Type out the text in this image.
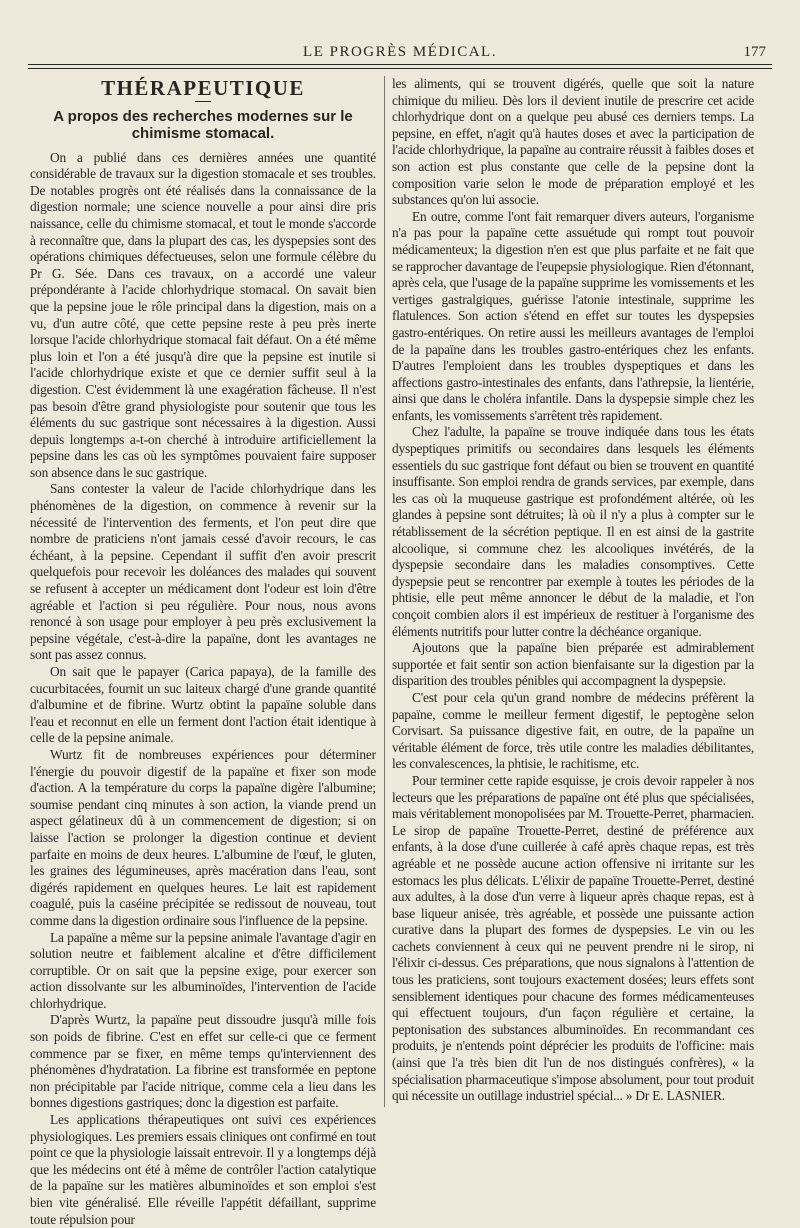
LE PROGRÈS MÉDICAL.	177
THÉRAPEUTIQUE
A propos des recherches modernes sur le chimisme stomacal.

On a publié dans ces dernières années une quantité considérable de travaux sur la digestion stomacale et ses troubles. De notables progrès ont été réalisés dans la connaissance de la digestion normale; une science nouvelle a pour ainsi dire pris naissance, celle du chimisme stomacal, et tout le monde s'accorde à reconnaître que, dans la plupart des cas, les dyspepsies sont des opérations chimiques défectueuses, selon une formule célèbre du Pr G. Sée. Dans ces travaux, on a accordé une valeur prépondérante à l'acide chlorhydrique stomacal. On savait bien que la pepsine joue le rôle principal dans la digestion, mais on a vu, d'un autre côté, que cette pepsine reste à peu près inerte lorsque l'acide chlorhydrique stomacal fait défaut. On a été même plus loin et l'on a été jusqu'à dire que la pepsine est inutile si l'acide chlorhydrique existe et que ce dernier suffit seul à la digestion. C'est évidemment là une exagération fâcheuse. Il n'est pas besoin d'être grand physiologiste pour soutenir que tous les éléments du suc gastrique sont nécessaires à la digestion. Aussi depuis longtemps a-t-on cherché à introduire artificiellement la pepsine dans les cas où les symptômes pouvaient faire supposer son absence dans le suc gastrique.

Sans contester la valeur de l'acide chlorhydrique dans les phénomènes de la digestion, on commence à revenir sur la nécessité de l'intervention des ferments, et l'on peut dire que nombre de praticiens n'ont jamais cessé d'avoir recours, le cas échéant, à la pepsine. Cependant il suffit d'en avoir prescrit quelquefois pour recevoir les doléances des malades qui souvent se refusent à accepter un médicament dont l'odeur est loin d'être agréable et l'action si peu régulière. Pour nous, nous avons renoncé à son usage pour employer à peu près exclusivement la pepsine végétale, c'est-à-dire la papaïne, dont les avantages ne sont pas assez connus.

On sait que le papayer (Carica papaya), de la famille des cucurbitacées, fournit un suc laiteux chargé d'une grande quantité d'albumine et de fibrine. Wurtz obtint la papaïne soluble dans l'eau et reconnut en elle un ferment dont l'action était identique à celle de la pepsine animale.

Wurtz fit de nombreuses expériences pour déterminer l'énergie du pouvoir digestif de la papaïne et fixer son mode d'action. A la température du corps la papaïne digère l'albumine; soumise pendant cinq minutes à son action, la viande prend un aspect gélatineux dû à un commencement de digestion; si on laisse l'action se prolonger la digestion continue et devient parfaite en moins de deux heures. L'albumine de l'œuf, le gluten, les graines des légumineuses, après macération dans l'eau, sont digérés rapidement en quelques heures. Le lait est rapidement coagulé, puis la caséine précipitée se redissout de nouveau, tout comme dans la digestion ordinaire sous l'influence de la pepsine.

La papaïne a même sur la pepsine animale l'avantage d'agir en solution neutre et faiblement alcaline et d'être difficilement corruptible. Or on sait que la pepsine exige, pour exercer son action dissolvante sur les albuminoïdes, l'intervention de l'acide chlorhydrique.

D'après Wurtz, la papaïne peut dissoudre jusqu'à mille fois son poids de fibrine. C'est en effet sur celle-ci que ce ferment commence par se fixer, en même temps qu'interviennent des phénomènes d'hydratation. La fibrine est transformée en peptone non précipitable par l'acide nitrique, comme cela a lieu dans les bonnes digestions gastriques; donc la digestion est parfaite.

Les applications thérapeutiques ont suivi ces expériences physiologiques. Les premiers essais cliniques ont confirmé en tout point ce que la physiologie laissait entrevoir. Il y a longtemps déjà que les médecins ont été à même de contrôler l'action catalytique de la papaïne sur les matières albuminoïdes et son emploi s'est bien vite généralisé. Elle réveille l'appétit défaillant, supprime toute répulsion pour

les aliments, qui se trouvent digérés, quelle que soit la nature chimique du milieu. Dès lors il devient inutile de prescrire cet acide chlorhydrique dont on a quelque peu abusé ces derniers temps. La pepsine, en effet, n'agit qu'à hautes doses et avec la participation de l'acide chlorhydrique, la papaïne au contraire réussit à faibles doses et son action est plus constante que celle de la pepsine dont la composition varie selon le mode de préparation employé et les substances qu'on lui associe.

En outre, comme l'ont fait remarquer divers auteurs, l'organisme n'a pas pour la papaïne cette assuétude qui rompt tout pouvoir médicamenteux; la digestion n'en est que plus parfaite et ne fait que se rapprocher davantage de l'eupepsie physiologique. Rien d'étonnant, après cela, que l'usage de la papaïne supprime les vomissements et les vertiges gastralgiques, guérisse l'atonie intestinale, supprime les flatulences. Son action s'étend en effet sur toutes les dyspepsies gastro-entériques. On retire aussi les meilleurs avantages de l'emploi de la papaïne dans les troubles gastro-entériques chez les enfants. D'autres l'emploient dans les troubles dyspeptiques et dans les affections gastro-intestinales des enfants, dans l'athrepsie, la lientérie, ainsi que dans le choléra infantile. Dans la dyspepsie simple chez les enfants, les vomissements s'arrêtent très rapidement.

Chez l'adulte, la papaïne se trouve indiquée dans tous les états dyspeptiques primitifs ou secondaires dans lesquels les éléments essentiels du suc gastrique font défaut ou bien se trouvent en quantité insuffisante. Son emploi rendra de grands services, par exemple, dans les cas où la muqueuse gastrique est profondément altérée, où les glandes à pepsine sont détruites; là où il n'y a plus à compter sur le rétablissement de la sécrétion peptique. Il en est ainsi de la gastrite alcoolique, si commune chez les alcooliques invétérés, de la dyspepsie secondaire dans les maladies consomptives. Cette dyspepsie peut se rencontrer par exemple à toutes les périodes de la phtisie, elle peut même annoncer le début de la maladie, et l'on conçoit combien alors il est impérieux de restituer à l'organisme des éléments nutritifs pour lutter contre la déchéance organique.

Ajoutons que la papaïne bien préparée est admirablement supportée et fait sentir son action bienfaisante sur la digestion par la disparition des troubles pénibles qui accompagnent la dyspepsie.

C'est pour cela qu'un grand nombre de médecins préfèrent la papaïne, comme le meilleur ferment digestif, le peptogène selon Corvisart. Sa puissance digestive fait, en outre, de la papaïne un véritable élément de force, très utile contre les maladies débilitantes, les convalescences, la phtisie, le rachitisme, etc.

Pour terminer cette rapide esquisse, je crois devoir rappeler à nos lecteurs que les préparations de papaïne ont été plus que spécialisées, mais véritablement monopolisées par M. Trouette-Perret, pharmacien. Le sirop de papaïne Trouette-Perret, destiné de préférence aux enfants, à la dose d'une cuillerée à café après chaque repas, est très agréable et ne possède aucune action offensive ni irritante sur les estomacs les plus délicats. L'élixir de papaïne Trouette-Perret, destiné aux adultes, à la dose d'un verre à liqueur après chaque repas, est à base liqueur anisée, très agréable, et possède une puissante action curative dans la plupart des formes de dyspepsies. Le vin ou les cachets conviennent à ceux qui ne peuvent prendre ni le sirop, ni l'élixir ci-dessus. Ces préparations, que nous signalons à l'attention de tous les praticiens, sont toujours exactement dosées; leurs effets sont sensiblement identiques pour chacune des formes médicamenteuses qui effectuent toujours, d'un façon régulière et certaine, la peptonisation des substances albuminoïdes. En recommandant ces produits, je n'entends point déprécier les produits de l'officine: mais (ainsi que l'a très bien dit l'un de nos distingués confrères), « la spécialisation pharmaceutique s'impose absolument, pour tout produit qui nécessite un outillage industriel spécial... » Dr E. LASNIER.
